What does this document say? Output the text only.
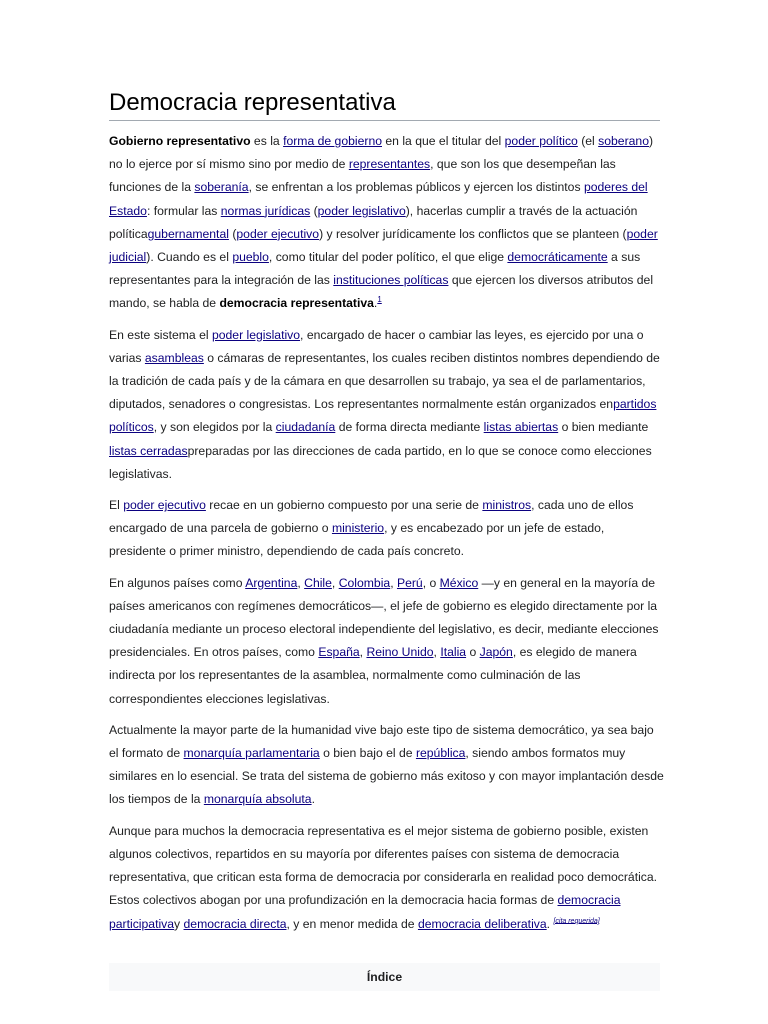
Democracia representativa

Gobierno representativo es la forma de gobierno en la que el titular del poder político (el soberano) no lo ejerce por sí mismo sino por medio de representantes, que son los que desempeñan las funciones de la soberanía, se enfrentan a los problemas públicos y ejercen los distintos poderes del Estado: formular las normas jurídicas (poder legislativo), hacerlas cumplir a través de la actuación políticagubernamental (poder ejecutivo) y resolver jurídicamente los conflictos que se planteen (poder judicial). Cuando es el pueblo, como titular del poder político, el que elige democráticamente a sus representantes para la integración de las instituciones políticas que ejercen los diversos atributos del mando, se habla de democracia representativa.$^1$

En este sistema el poder legislativo, encargado de hacer o cambiar las leyes, es ejercido por una o varias asambleas o cámaras de representantes, los cuales reciben distintos nombres dependiendo de la tradición de cada país y de la cámara en que desarrollen su trabajo, ya sea el de parlamentarios, diputados, senadores o congresistas. Los representantes normalmente están organizados enpartidos políticos, y son elegidos por la ciudadanía de forma directa mediante listas abiertas o bien mediante listas cerradaspreparadas por las direcciones de cada partido, en lo que se conoce como elecciones legislativas.

El poder ejecutivo recae en un gobierno compuesto por una serie de ministros, cada uno de ellos encargado de una parcela de gobierno o ministerio, y es encabezado por un jefe de estado, presidente o primer ministro, dependiendo de cada país concreto.

En algunos países como Argentina, Chile, Colombia, Perú, o México —y en general en la mayoría de países americanos con regímenes democráticos—, el jefe de gobierno es elegido directamente por la ciudadanía mediante un proceso electoral independiente del legislativo, es decir, mediante elecciones presidenciales. En otros países, como España, Reino Unido, Italia o Japón, es elegido de manera indirecta por los representantes de la asamblea, normalmente como culminación de las correspondientes elecciones legislativas.

Actualmente la mayor parte de la humanidad vive bajo este tipo de sistema democrático, ya sea bajo el formato de monarquía parlamentaria o bien bajo el de república, siendo ambos formatos muy similares en lo esencial. Se trata del sistema de gobierno más exitoso y con mayor implantación desde los tiempos de la monarquía absoluta.

Aunque para muchos la democracia representativa es el mejor sistema de gobierno posible, existen algunos colectivos, repartidos en su mayoría por diferentes países con sistema de democracia representativa, que critican esta forma de democracia por considerarla en realidad poco democrática. Estos colectivos abogan por una profundización en la democracia hacia formas de democracia participativay democracia directa, y en menor medida de democracia deliberativa. [cita requerida]

Índice
